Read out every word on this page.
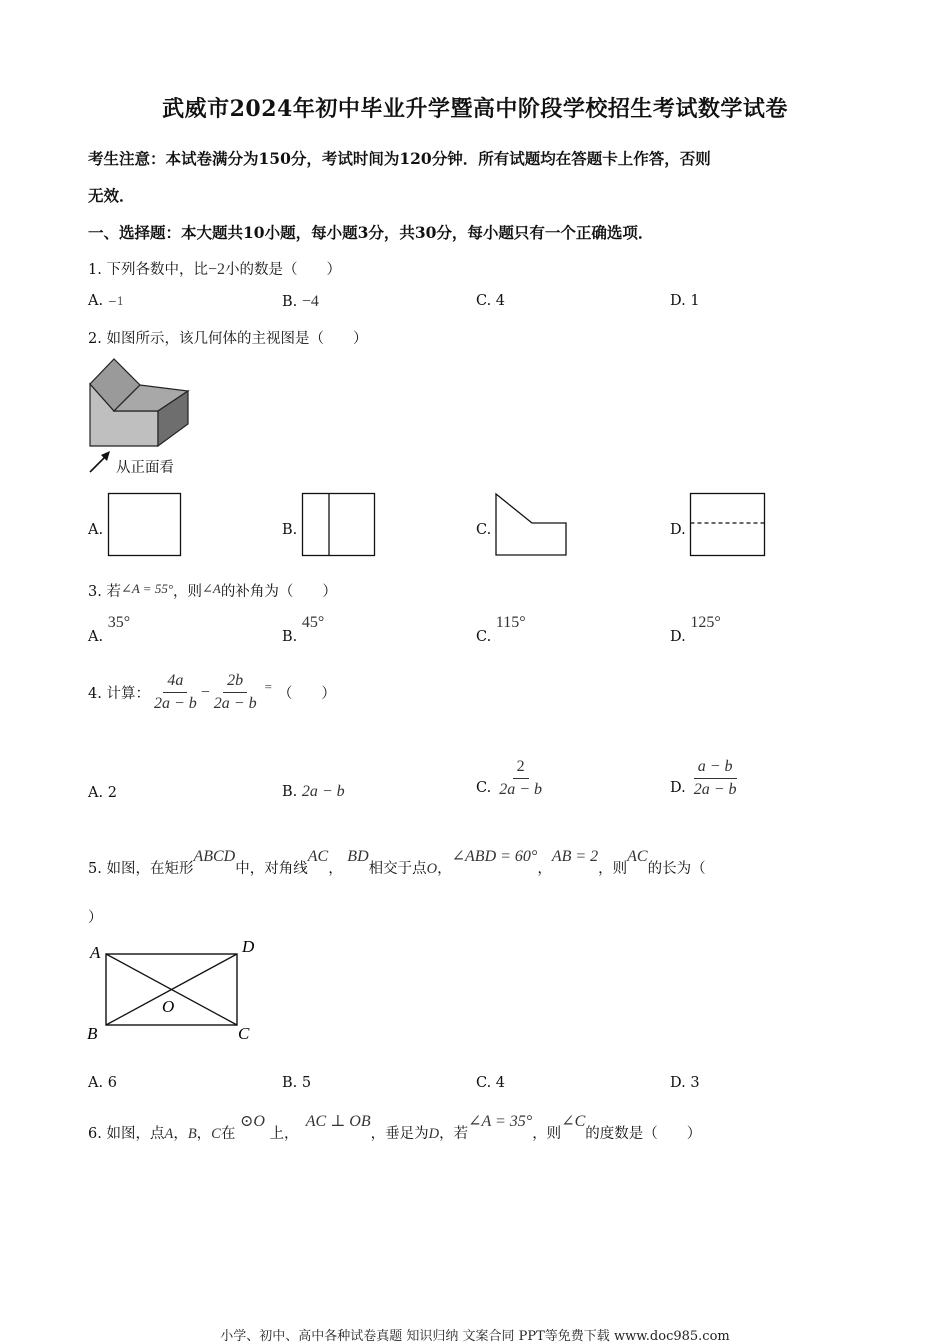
武威市2024年初中毕业升学暨高中阶段学校招生考试数学试卷
考生注意：本试卷满分为150分，考试时间为120分钟．所有试题均在答题卡上作答，否则
无效．
一、选择题：本大题共10小题，每小题3分，共30分，每小题只有一个正确选项．
1. 下列各数中，比−2小的数是（　　）
A. −1	B. −4	C. 4	D. 1
2. 如图所示，该几何体的主视图是（　　）
从正面看
A.	B.	C.	D.
3. 若∠A = 55°，则∠A的补角为（　　）
A. 35°
B. 45°
C. 115°
D. 125°
4. 计算： $\frac{4a}{2a - b} - \frac{2b}{2a - b}$ = （　　）
A. 2	B. 2a − b	C. $\frac{2}{2a - b}$	D. $\frac{a - b}{2a - b}$
5. 如图，在矩形ABCD中，对角线AC， BD相交于点O，∠ABD = 60°，AB = 2，则AC的长为（
）
A	D
B	C
O
A. 6	B. 5	C. 4	D. 3
6. 如图，点A，B，C在 ⊙O 上，　AC ⊥ OB，垂足为D，若∠A = 35°，则∠C的度数是（　　）
小学、初中、高中各种试卷真题 知识归纳 文案合同 PPT等免费下载 www.doc985.com
